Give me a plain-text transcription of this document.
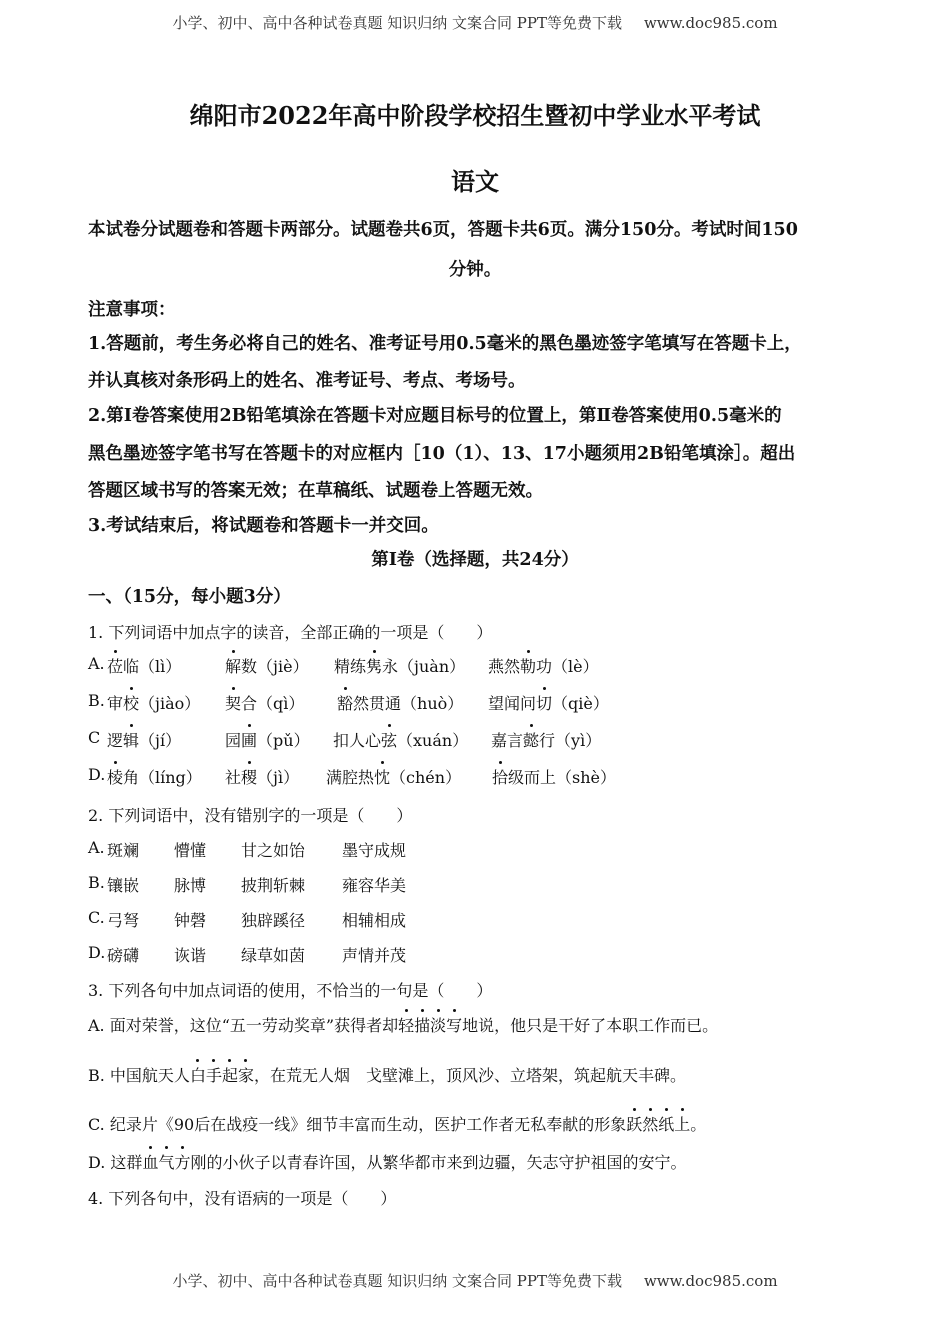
小学、初中、高中各种试卷真题 知识归纳 文案合同 PPT等免费下载 www.doc985.com
绵阳市2022年高中阶段学校招生暨初中学业水平考试
语文
本试卷分试题卷和答题卡两部分。试题卷共6页，答题卡共6页。满分150分。考试时间150
分钟。
注意事项：
1.答题前，考生务必将自己的姓名、准考证号用0.5毫米的黑色墨迹签字笔填写在答题卡上，
并认真核对条形码上的姓名、准考证号、考点、考场号。
2.第Ⅰ卷答案使用2B铅笔填涂在答题卡对应题目标号的位置上，第Ⅱ卷答案使用0.5毫米的
黑色墨迹签字笔书写在答题卡的对应框内［10（1）、13、17小题须用2B铅笔填涂］。超出
答题区域书写的答案无效；在草稿纸、试题卷上答题无效。
3.考试结束后，将试题卷和答题卡一并交回。
第Ⅰ卷（选择题，共24分）
一、（15分，每小题3分）
1. 下列词语中加点字的读音，全部正确的一项是（　　）
A. 莅临（lì）	解数（jiè） 精练隽永（juàn） 燕然勒功（lè）
B. 审校（jiào） 契合（qì） 豁然贯通（huò） 望闻问切（qiè）
C 逻辑（jí）	园圃（pǔ） 扣人心弦（xuán） 嘉言懿行（yì）
D. 棱角（líng） 社稷（jì） 满腔热忱（chén） 拾级而上（shè）
2. 下列词语中，没有错别字的一项是（　　）
A. 斑斓 懵懂 甘之如饴 墨守成规
B. 镶嵌 脉博 披荆斩棘 雍容华美
C. 弓弩 钟磬 独辟蹊径 相辅相成
D. 磅礴 诙谐 绿草如茵 声情并茂
3. 下列各句中加点词语的使用，不恰当的一句是（　　）
A. 面对荣誉，这位“五一劳动奖章”获得者却轻描淡写地说，他只是干好了本职工作而已。
B. 中国航天人白手起家，在荒无人烟　戈壁滩上，顶风沙、立塔架，筑起航天丰碑。
C. 纪录片《90后在战疫一线》细节丰富而生动，医护工作者无私奉献的形象跃然纸上。
D. 这群血气方刚的小伙子以青春许国，从繁华都市来到边疆，矢志守护祖国的安宁。
4. 下列各句中，没有语病的一项是（　　）
小学、初中、高中各种试卷真题 知识归纳 文案合同 PPT等免费下载 www.doc985.com
